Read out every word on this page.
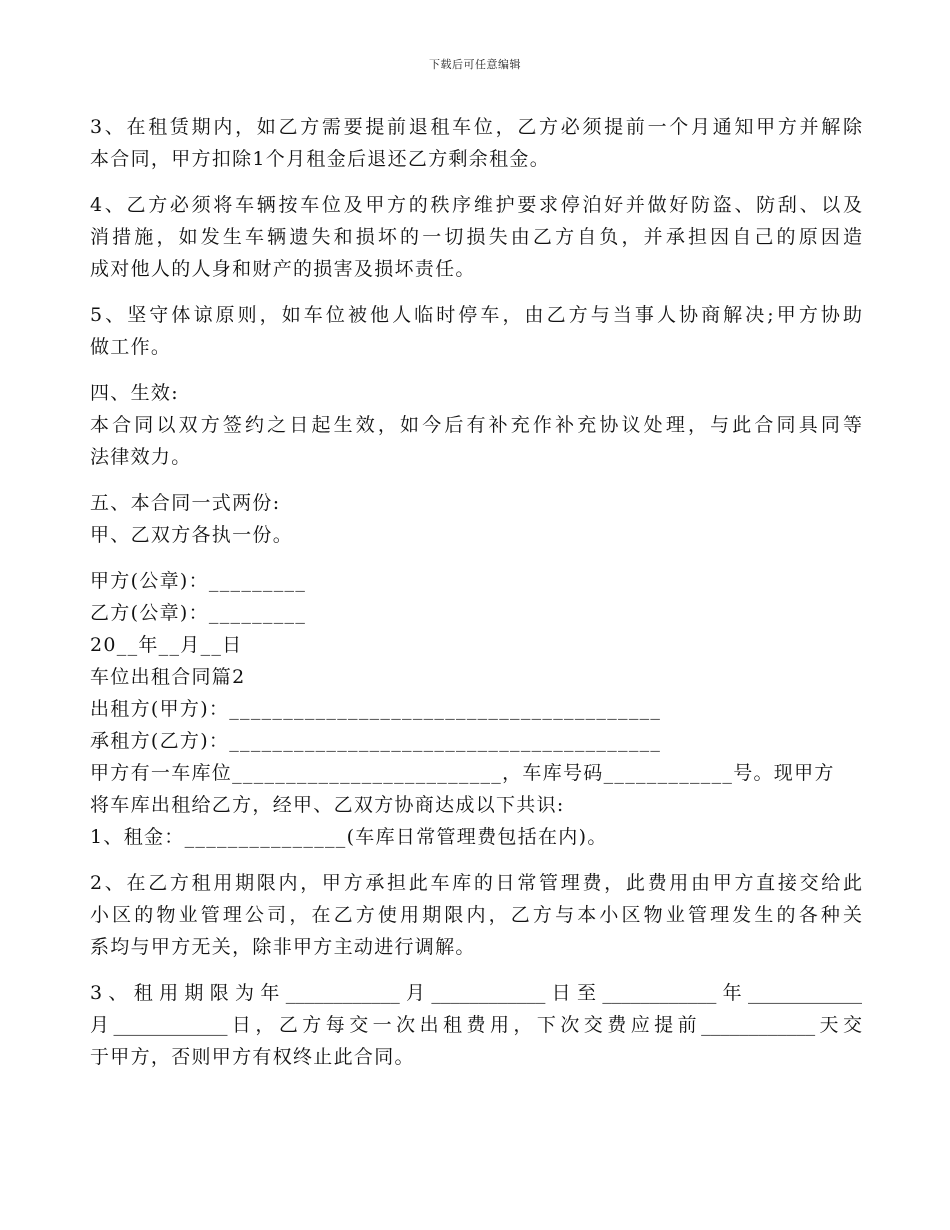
下载后可任意编辑
3、在租赁期内，如乙方需要提前退租车位，乙方必须提前一个月通知甲方并解除
本合同，甲方扣除1个月租金后退还乙方剩余租金。
4、乙方必须将车辆按车位及甲方的秩序维护要求停泊好并做好防盗、防刮、以及
消措施，如发生车辆遗失和损坏的一切损失由乙方自负，并承担因自己的原因造
成对他人的人身和财产的损害及损坏责任。
5、坚守体谅原则，如车位被他人临时停车，由乙方与当事人协商解决;甲方协助
做工作。
四、生效:
本合同以双方签约之日起生效，如今后有补充作补充协议处理，与此合同具同等
法律效力。
五、本合同一式两份:
甲、乙双方各执一份。
甲方(公章)：_________
乙方(公章)：_________
20__年__月__日
车位出租合同篇2
出租方(甲方)：________________________________________
承租方(乙方)：________________________________________
甲方有一车库位_________________________，车库号码____________号。现甲方
将车库出租给乙方，经甲、乙双方协商达成以下共识:
1、租金：_______________(车库日常管理费包括在内)。
2、在乙方租用期限内，甲方承担此车库的日常管理费，此费用由甲方直接交给此
小区的物业管理公司，在乙方使用期限内，乙方与本小区物业管理发生的各种关
系均与甲方无关，除非甲方主动进行调解。
3、租用期限为年____________月____________日至____________年____________
月____________日，乙方每交一次出租费用，下次交费应提前____________天交
于甲方，否则甲方有权终止此合同。
